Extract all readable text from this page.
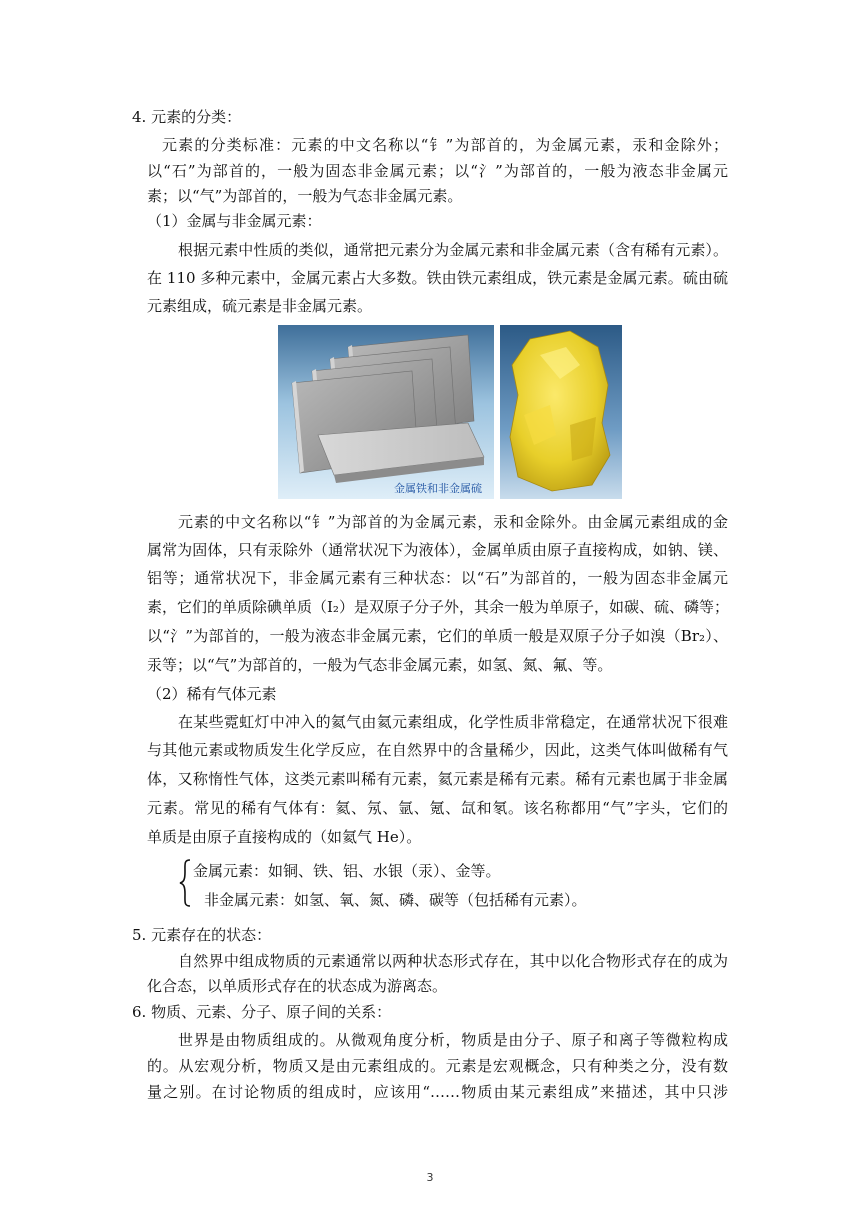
4. 元素的分类：
元素的分类标准：元素的中文名称以“钅”为部首的，为金属元素，汞和金除外；
以“石”为部首的，一般为固态非金属元素；以“氵”为部首的，一般为液态非金属元
素；以“气”为部首的，一般为气态非金属元素。
（1）金属与非金属元素：
根据元素中性质的类似，通常把元素分为金属元素和非金属元素（含有稀有元素）。
在 110 多种元素中，金属元素占大多数。铁由铁元素组成，铁元素是金属元素。硫由硫
元素组成，硫元素是非金属元素。
金属铁和非金属硫
元素的中文名称以“钅”为部首的为金属元素，汞和金除外。由金属元素组成的金
属常为固体，只有汞除外（通常状况下为液体），金属单质由原子直接构成，如钠、镁、
铝等；通常状况下，非金属元素有三种状态：以“石”为部首的，一般为固态非金属元
素，它们的单质除碘单质（I₂）是双原子分子外，其余一般为单原子，如碳、硫、磷等；
以“氵”为部首的，一般为液态非金属元素，它们的单质一般是双原子分子如溴（Br₂）、
汞等；以“气”为部首的，一般为气态非金属元素，如氢、氮、氟、等。
（2）稀有气体元素
在某些霓虹灯中冲入的氦气由氦元素组成，化学性质非常稳定，在通常状况下很难
与其他元素或物质发生化学反应，在自然界中的含量稀少，因此，这类气体叫做稀有气
体，又称惰性气体，这类元素叫稀有元素，氦元素是稀有元素。稀有元素也属于非金属
元素。常见的稀有气体有：氦、氖、氩、氪、氙和氡。该名称都用“气”字头，它们的
单质是由原子直接构成的（如氦气 He）。
金属元素：如铜、铁、铝、水银（汞）、金等。
非金属元素：如氢、氧、氮、磷、碳等（包括稀有元素）。
5. 元素存在的状态：
自然界中组成物质的元素通常以两种状态形式存在，其中以化合物形式存在的成为
化合态，以单质形式存在的状态成为游离态。
6. 物质、元素、分子、原子间的关系：
世界是由物质组成的。从微观角度分析，物质是由分子、原子和离子等微粒构成
的。从宏观分析，物质又是由元素组成的。元素是宏观概念，只有种类之分，没有数
量之别。在讨论物质的组成时，应该用“……物质由某元素组成”来描述，其中只涉
3
